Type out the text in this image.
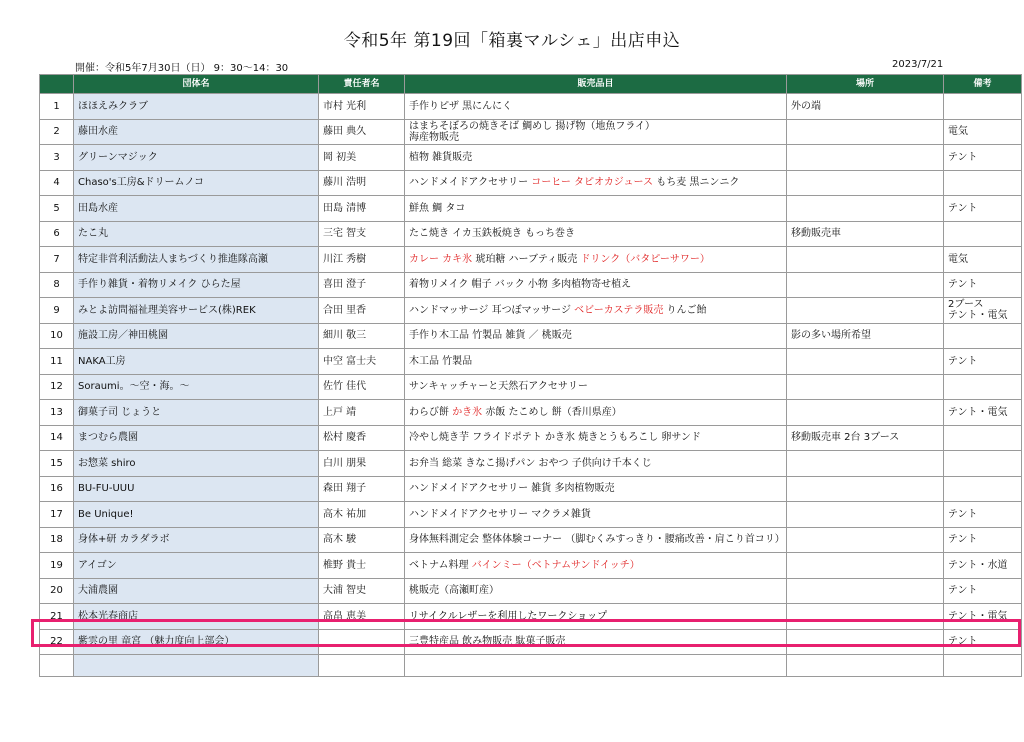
令和5年 第19回「箱裏マルシェ」出店申込
開催：令和5年7月30日（日） 9：30〜14：30	2023/7/21
	団体名	責任者名	販売品目	場所	備考
1	ほほえみクラブ	市村 光利	手作りピザ 黒にんにく	外の端	
2	藤田水産	藤田 典久	はまちそぼろの焼きそば 鯛めし 揚げ物（地魚フライ）
海産物販売		電気
3	グリーンマジック	岡 初美	植物 雑貨販売		テント
4	Chaso's工房&ドリームノコ	藤川 浩明	ハンドメイドアクセサリー コーヒー タピオカジュース もち麦 黒ニンニク		
5	田島水産	田島 清博	鮮魚 鯛 タコ		テント
6	たこ丸	三宅 智支	たこ焼き イカ玉鉄板焼き もっち巻き	移動販売車	
7	特定非営利活動法人まちづくり推進隊高瀬	川江 秀樹	カレー カキ氷 琥珀糖 ハーブティ販売 ドリンク（バタピーサワー）		電気
8	手作り雑貨・着物リメイク ひらた屋	喜田 澄子	着物リメイク 帽子 バック 小物 多肉植物寄せ植え		テント
9	みとよ訪問福祉理美容サービス(株)REK	合田 里香	ハンドマッサージ 耳つぼマッサージ ベビーカステラ販売 りんご飴		2ブース
テント・電気
10	施設工房／神田桃園	細川 敬三	手作り木工品 竹製品 雑貨 ／ 桃販売	影の多い場所希望	
11	NAKA工房	中空 富士夫	木工品 竹製品		テント
12	Soraumi。〜空・海。〜	佐竹 佳代	サンキャッチャーと天然石アクセサリー		
13	御菓子司 じょうと	上戸 靖	わらび餅 かき氷 赤飯 たこめし 餅（香川県産）		テント・電気
14	まつむら農園	松村 慶香	冷やし焼き芋 フライドポテト かき氷 焼きとうもろこし 卵サンド	移動販売車 2台 3ブース	
15	お惣菜 shiro	白川 朋果	お弁当 総菜 きなこ揚げパン おやつ 子供向け千本くじ		
16	BU-FU-UUU	森田 翔子	ハンドメイドアクセサリー 雑貨 多肉植物販売		
17	Be Unique!	高木 祐加	ハンドメイドアクセサリー マクラメ雑貨		テント
18	身体+研 カラダラボ	高木 駿	身体無料測定会 整体体験コーナー （脚むくみすっきり・腰痛改善・肩こり首コリ）		テント
19	アイゴン	椎野 貴士	ベトナム料理 バインミー（ベトナムサンドイッチ）		テント・水道
20	大浦農園	大浦 智史	桃販売（高瀬町産）		テント
21	松本光春商店	高畠 恵美	リサイクルレザーを利用したワークショップ		テント・電気
22	紫雲の里 竜宮 （魅力度向上部会）		三豊特産品 飲み物販売 駄菓子販売		テント
